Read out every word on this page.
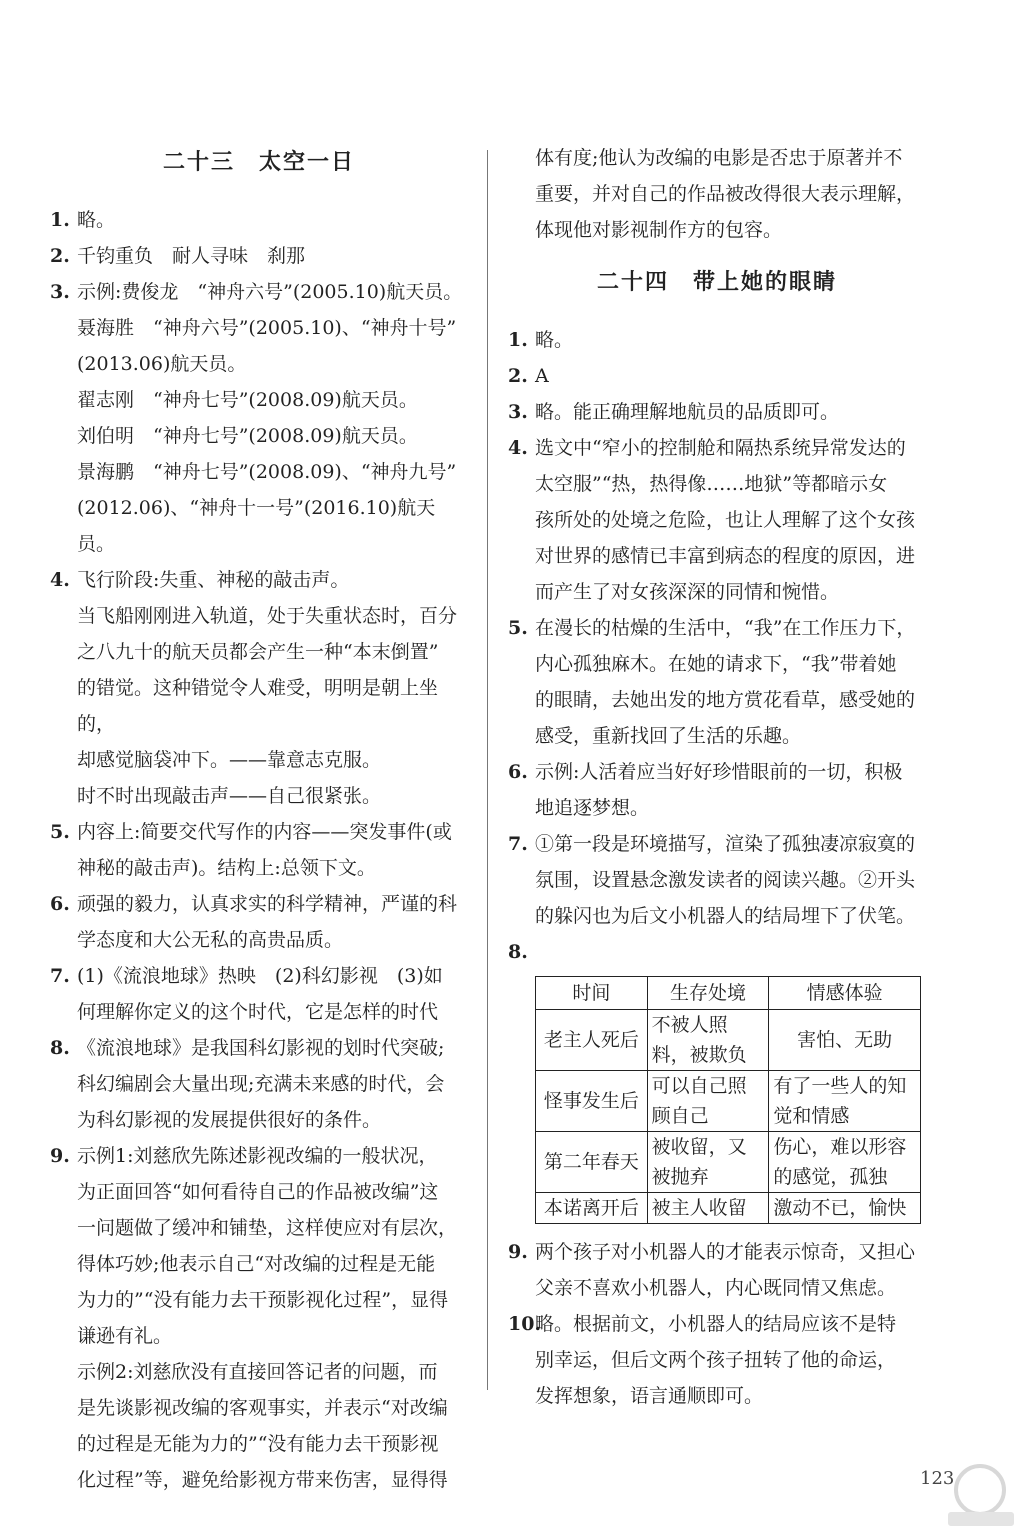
二十三　太空一日
1. 略。

2. 千钧重负　耐人寻味　刹那

3. 示例:费俊龙　“神舟六号”(2005.10)航天员。

聂海胜　“神舟六号”(2005.10)、“神舟十号”

(2013.06)航天员。

翟志刚　“神舟七号”(2008.09)航天员。

刘伯明　“神舟七号”(2008.09)航天员。

景海鹏　“神舟七号”(2008.09)、“神舟九号”

(2012.06)、“神舟十一号”(2016.10)航天员。

4. 飞行阶段:失重、神秘的敲击声。

当飞船刚刚进入轨道，处于失重状态时，百分

之八九十的航天员都会产生一种“本末倒置”

的错觉。这种错觉令人难受，明明是朝上坐的，

却感觉脑袋冲下。——靠意志克服。

时不时出现敲击声——自己很紧张。

5. 内容上:简要交代写作的内容——突发事件(或

神秘的敲击声)。结构上:总领下文。

6. 顽强的毅力，认真求实的科学精神，严谨的科

学态度和大公无私的高贵品质。

7. (1)《流浪地球》热映　(2)科幻影视　(3)如

何理解你定义的这个时代，它是怎样的时代

8. 《流浪地球》是我国科幻影视的划时代突破;

科幻编剧会大量出现;充满未来感的时代，会

为科幻影视的发展提供很好的条件。

9. 示例1:刘慈欣先陈述影视改编的一般状况，

为正面回答“如何看待自己的作品被改编”这

一问题做了缓冲和铺垫，这样使应对有层次，

得体巧妙;他表示自己“对改编的过程是无能

为力的”“没有能力去干预影视化过程”，显得

谦逊有礼。

示例2:刘慈欣没有直接回答记者的问题，而

是先谈影视改编的客观事实，并表示“对改编

的过程是无能为力的”“没有能力去干预影视

化过程”等，避免给影视方带来伤害，显得得

体有度;他认为改编的电影是否忠于原著并不

重要，并对自己的作品被改得很大表示理解，

体现他对影视制作方的包容。

二十四　带上她的眼睛
1. 略。

2. A

3. 略。能正确理解地航员的品质即可。

4. 选文中“窄小的控制舱和隔热系统异常发达的

太空服”“热，热得像……地狱”等都暗示女

孩所处的处境之危险，也让人理解了这个女孩

对世界的感情已丰富到病态的程度的原因，进

而产生了对女孩深深的同情和惋惜。

5. 在漫长的枯燥的生活中，“我”在工作压力下，

内心孤独麻木。在她的请求下，“我”带着她

的眼睛，去她出发的地方赏花看草，感受她的

感受，重新找回了生活的乐趣。

6. 示例:人活着应当好好珍惜眼前的一切，积极

地追逐梦想。

7. ①第一段是环境描写，渲染了孤独凄凉寂寞的

氛围，设置悬念激发读者的阅读兴趣。②开头

的躲闪也为后文小机器人的结局埋下了伏笔。

8.

时间	生存处境	情感体验
老主人死后	不被人照料，被欺负	害怕、无助
怪事发生后	可以自己照顾自己	有了一些人的知觉和情感
第二年春天	被收留，又被抛弃	伤心，难以形容的感觉，孤独
本诺离开后	被主人收留	激动不已，愉快
9. 两个孩子对小机器人的才能表示惊奇，又担心

父亲不喜欢小机器人，内心既同情又焦虑。

10.

略。根据前文，小机器人的结局应该不是特

别幸运，但后文两个孩子扭转了他的命运，

发挥想象，语言通顺即可。

123
